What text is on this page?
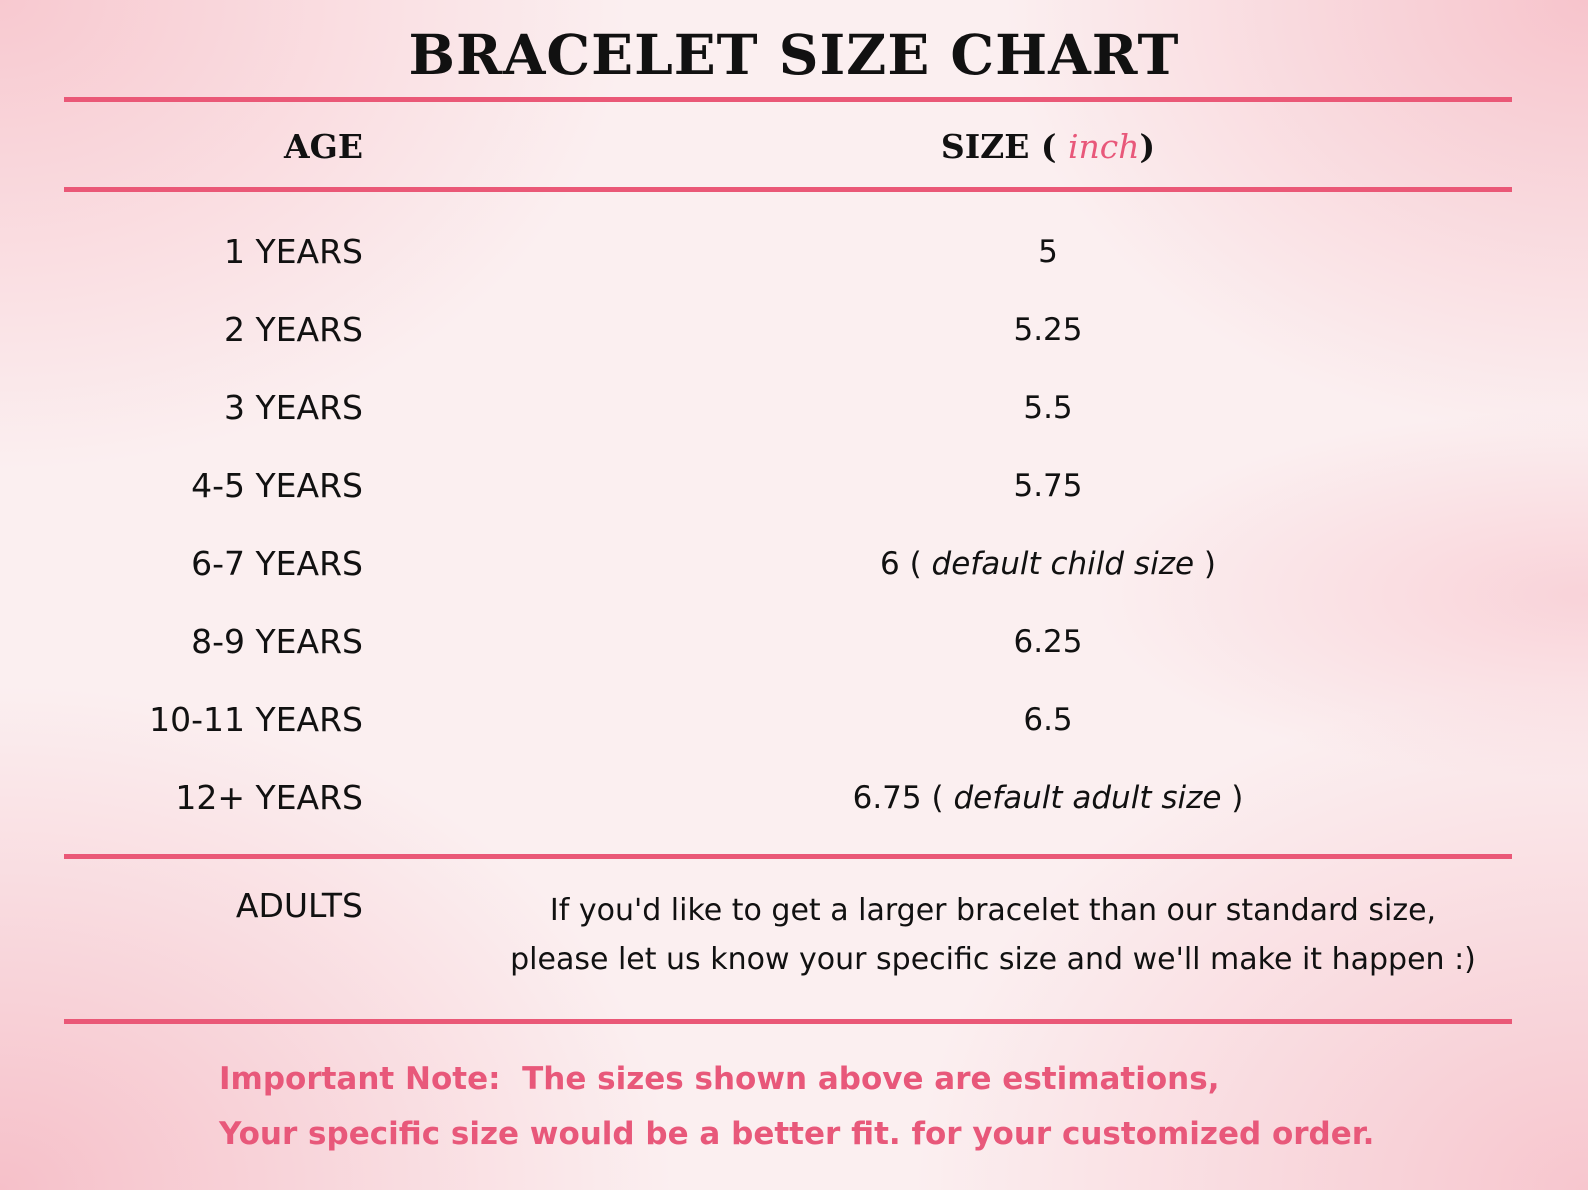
BRACELET SIZE CHART
AGE	SIZE ( inch)
1 YEARS	5
2 YEARS	5.25
3 YEARS	5.5
4-5 YEARS	5.75
6-7 YEARS	6 ( default child size )
8-9 YEARS	6.25
10-11 YEARS	6.5
12+ YEARS	6.75 ( default adult size )
ADULTS	If you'd like to get a larger bracelet than our standard size,
please let us know your specific size and we'll make it happen :)
Important Note:  The sizes shown above are estimations,
Your specific size would be a better fit. for your customized order.
